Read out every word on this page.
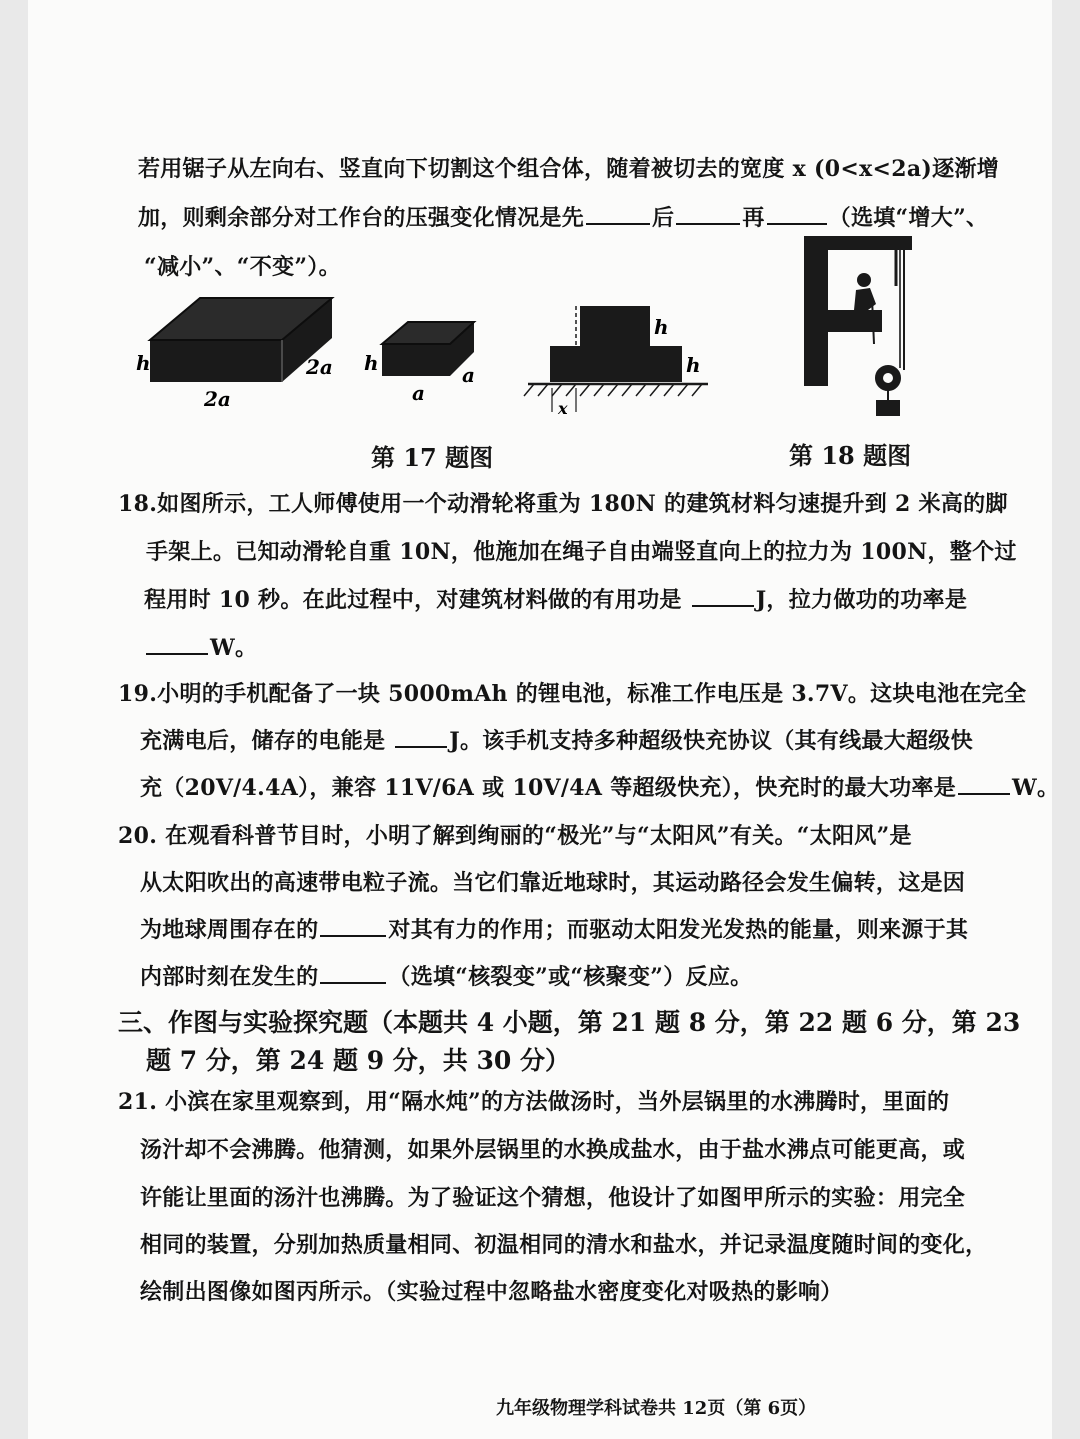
若用锯子从左向右、竖直向下切割这个组合体，随着被切去的宽度 x (0<x<2a)逐渐增
加，则剩余部分对工作台的压强变化情况是先	后	再	（选填“增大”、
“减小”、“不变”）。
h	2a
2a
h	a
a
h
h
x
第 17 题图	第 18 题图
18.如图所示，工人师傅使用一个动滑轮将重为 180N 的建筑材料匀速提升到 2 米高的脚
手架上。已知动滑轮自重 10N，他施加在绳子自由端竖直向上的拉力为 100N，整个过
程用时 10 秒。在此过程中，对建筑材料做的有用功是	J，拉力做功的功率是
W。
19.小明的手机配备了一块 5000mAh 的锂电池，标准工作电压是 3.7V。这块电池在完全
充满电后，储存的电能是	J。该手机支持多种超级快充协议（其有线最大超级快
充（20V/4.4A），兼容 11V/6A 或 10V/4A 等超级快充），快充时的最大功率是	W。
20. 在观看科普节目时，小明了解到绚丽的“极光”与“太阳风”有关。“太阳风”是
从太阳吹出的高速带电粒子流。当它们靠近地球时，其运动路径会发生偏转，这是因
为地球周围存在的	对其有力的作用；而驱动太阳发光发热的能量，则来源于其
内部时刻在发生的	（选填“核裂变”或“核聚变”）反应。
三、作图与实验探究题（本题共 4 小题，第 21 题 8 分，第 22 题 6 分，第 23
题 7 分，第 24 题 9 分，共 30 分）
21. 小滨在家里观察到，用“隔水炖”的方法做汤时，当外层锅里的水沸腾时，里面的
汤汁却不会沸腾。他猜测，如果外层锅里的水换成盐水，由于盐水沸点可能更高，或
许能让里面的汤汁也沸腾。为了验证这个猜想，他设计了如图甲所示的实验：用完全
相同的装置，分别加热质量相同、初温相同的清水和盐水，并记录温度随时间的变化，
绘制出图像如图丙所示。（实验过程中忽略盐水密度变化对吸热的影响）
九年级物理学科试卷共 12页（第 6页）
